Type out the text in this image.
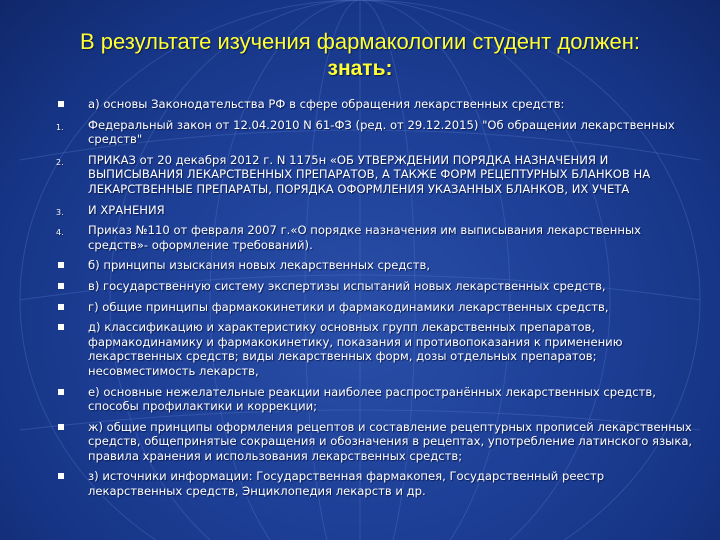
В результате изучения фармакологии студент должен:
знать:
а) основы Законодательства РФ в сфере обращения лекарственных средств:
1. Федеральный закон от 12.04.2010 N 61-ФЗ (ред. от 29.12.2015) "Об обращении лекарственных средств"
2. ПРИКАЗ от 20 декабря 2012 г. N 1175н «ОБ УТВЕРЖДЕНИИ ПОРЯДКА НАЗНАЧЕНИЯ И ВЫПИСЫВАНИЯ ЛЕКАРСТВЕННЫХ ПРЕПАРАТОВ, А ТАКЖЕ ФОРМ РЕЦЕПТУРНЫХ БЛАНКОВ НА ЛЕКАРСТВЕННЫЕ ПРЕПАРАТЫ, ПОРЯДКА ОФОРМЛЕНИЯ УКАЗАННЫХ БЛАНКОВ, ИХ УЧЕТА
3. И ХРАНЕНИЯ
4. Приказ №110 от февраля 2007 г.«О порядке назначения им выписывания лекарственных средств»- оформление требований).
б) принципы изыскания новых лекарственных средств,
в) государственную систему экспертизы испытаний новых лекарственных средств,
г) общие принципы фармакокинетики и фармакодинамики лекарственных средств,
д) классификацию и характеристику основных групп лекарственных препаратов, фармакодинамику и фармакокинетику, показания и противопоказания к применению лекарственных средств; виды лекарственных форм, дозы отдельных препаратов; несовместимость лекарств,
е) основные нежелательные реакции наиболее распространённых лекарственных средств, способы профилактики и коррекции;
ж) общие принципы оформления рецептов и составление рецептурных прописей лекарственных средств, общепринятые сокращения и обозначения в рецептах, употребление латинского языка, правила хранения и использования лекарственных средств;
з) источники информации: Государственная фармакопея, Государственный реестр лекарственных средств, Энциклопедия лекарств и др.
